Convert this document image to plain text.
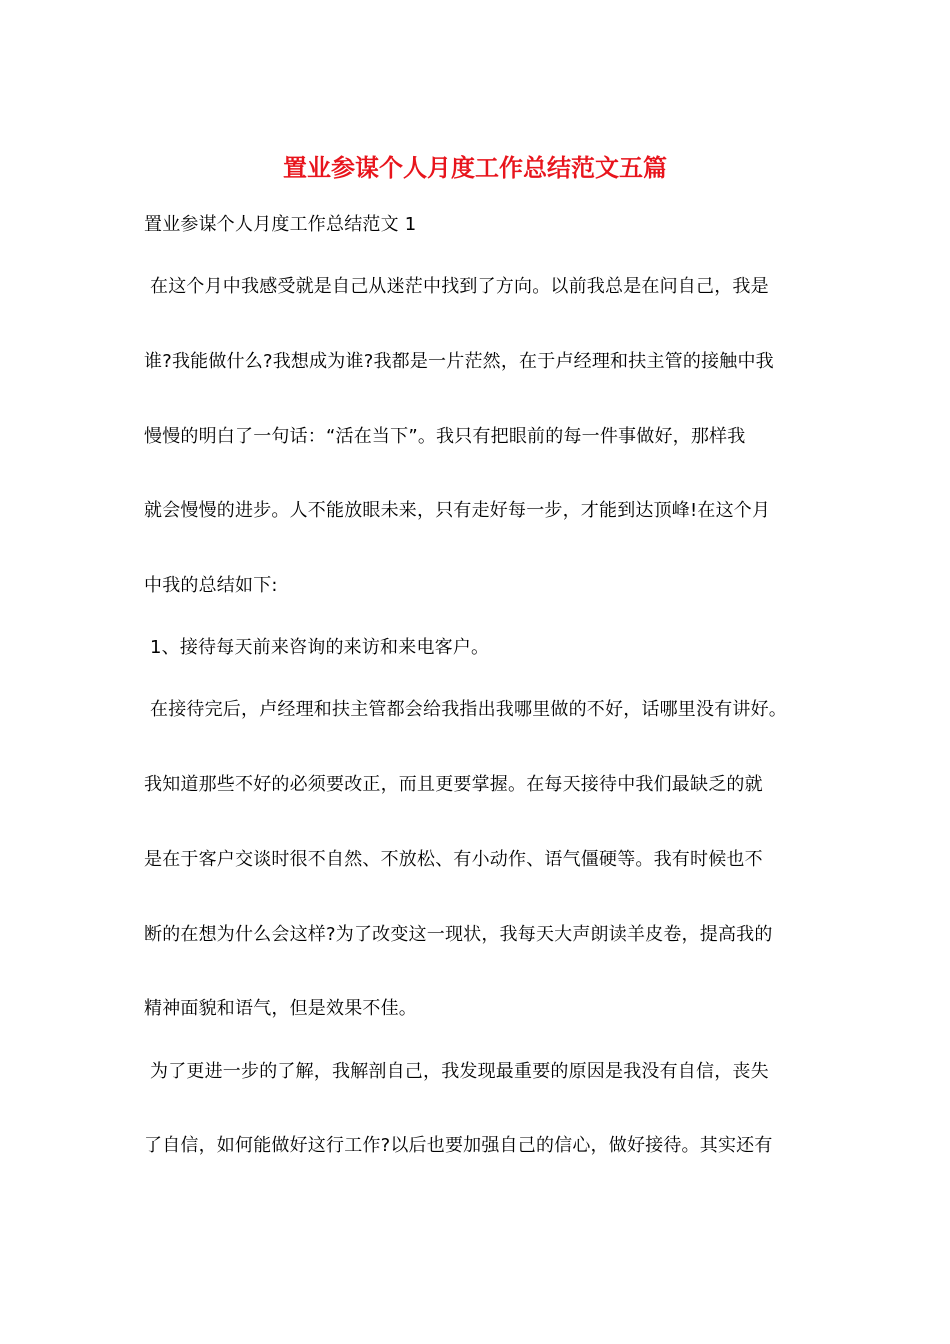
置业参谋个人月度工作总结范文五篇
置业参谋个人月度工作总结范文 1
在这个月中我感受就是自己从迷茫中找到了方向。以前我总是在问自己，我是
谁?我能做什么?我想成为谁?我都是一片茫然，在于卢经理和扶主管的接触中我
慢慢的明白了一句话：“活在当下”。我只有把眼前的每一件事做好，那样我
就会慢慢的进步。人不能放眼未来，只有走好每一步，才能到达顶峰!在这个月
中我的总结如下:
1、接待每天前来咨询的来访和来电客户。
在接待完后，卢经理和扶主管都会给我指出我哪里做的不好，话哪里没有讲好。
我知道那些不好的必须要改正，而且更要掌握。在每天接待中我们最缺乏的就
是在于客户交谈时很不自然、不放松、有小动作、语气僵硬等。我有时候也不
断的在想为什么会这样?为了改变这一现状，我每天大声朗读羊皮卷，提高我的
精神面貌和语气，但是效果不佳。
为了更进一步的了解，我解剖自己，我发现最重要的原因是我没有自信，丧失
了自信，如何能做好这行工作?以后也要加强自己的信心，做好接待。其实还有
